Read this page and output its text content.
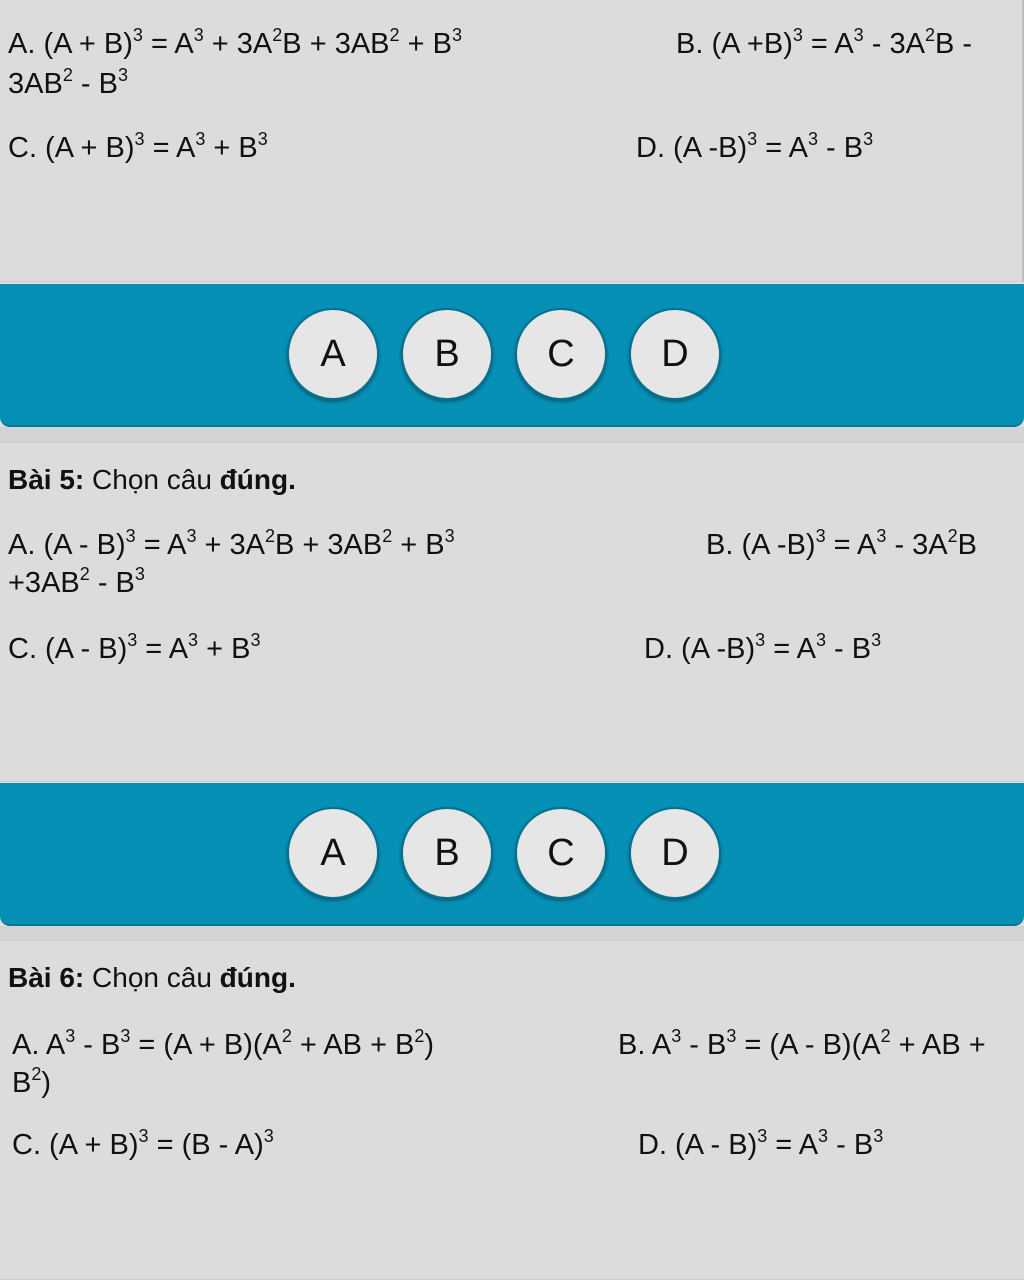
A. $(A + B)^3 = A^3 + 3A^2B + 3AB^2 + B^3$	B. $(A +B)^3 = A^3 - 3A^2B$ -
$3AB^2 - B^3$
C. $(A + B)^3 = A^3 + B^3$	D. (A $-B)^3 = A^3 - B^3$
A	B	C	D
Bài 5: Chọn câu đúng.
A. $(A - B)^3 = A^3 + 3A^2B + 3AB^2 + B^3$	B. (A $-B)^3 = A^3 - 3A^2B$
$+3AB^2 - B^3$
C. $(A - B)^3 = A^3 + B^3$	D. (A $-B)^3 = A^3 - B^3$
A	B	C	D
Bài 6: Chọn câu đúng.
A. $A^3 - B^3 = (A + B)(A^2$ + AB + $B^2$)	B. $A^3 - B^3 = (A - B)(A^2$ + AB +
$B^2$)
C. $(A + B)^3 = (B - A)^3$	D. $(A - B)^3 = A^3 - B^3$
